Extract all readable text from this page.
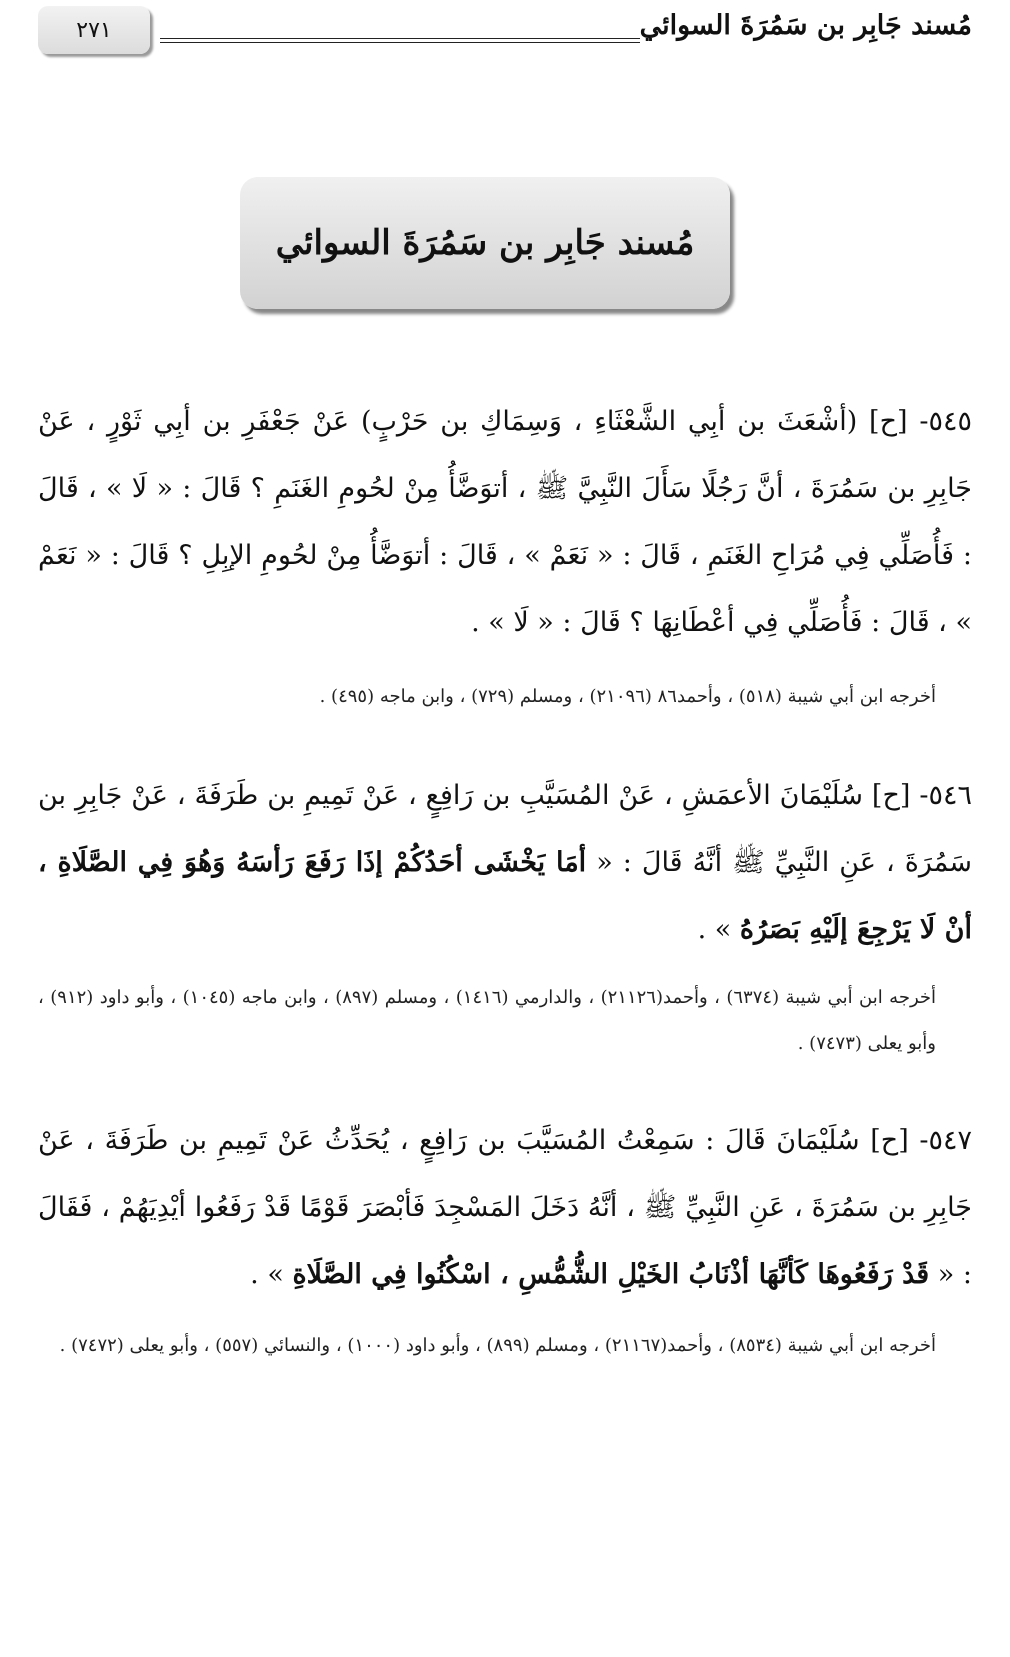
٢٧١	مُسند جَابِر بن سَمُرَةَ السوائي
مُسند جَابِر بن سَمُرَةَ السوائي
٥٤٥- [ح] (أشْعَثَ بن أبِي الشَّعْثَاءِ ، وَسِمَاكِ بن حَرْبٍ) عَنْ جَعْفَرِ بن أبِي ثَوْرٍ ، عَنْ جَابِرِ بن سَمُرَةَ ، أنَّ رَجُلًا سَأَلَ النَّبِيَّ ﷺ ، أتوَضَّأُ مِنْ لحُومِ الغَنَمِ ؟ قَالَ : « لَا » ، قَالَ : فَأُصَلِّي فِي مُرَاحِ الغَنَمِ ، قَالَ : « نَعَمْ » ، قَالَ : أتوَضَّأُ مِنْ لحُومِ الإبِلِ ؟ قَالَ : « نَعَمْ » ، قَالَ : فَأُصَلِّي فِي أعْطَانِهَا ؟ قَالَ : « لَا » .
أخرجه ابن أبي شيبة (٥١٨) ، وأحمد٨٦ (٢١٠٩٦) ، ومسلم (٧٢٩) ، وابن ماجه (٤٩٥) .
٥٤٦- [ح] سُلَيْمَانَ الأعمَشِ ، عَنْ المُسَيَّبِ بن رَافِعٍ ، عَنْ تَمِيمِ بن طَرَفَةَ ، عَنْ جَابِرِ بن سَمُرَةَ ، عَنِ النَّبِيِّ ﷺ أنَّهُ قَالَ : « أمَا يَخْشَى أحَدُكُمْ إذَا رَفَعَ رَأسَهُ وَهُوَ فِي الصَّلَاةِ ، أنْ لَا يَرْجِعَ إلَيْهِ بَصَرُهُ » .
أخرجه ابن أبي شيبة (٦٣٧٤) ، وأحمد(٢١١٢٦) ، والدارمي (١٤١٦) ، ومسلم (٨٩٧) ، وابن ماجه (١٠٤٥) ، وأبو داود (٩١٢) ، وأبو يعلى (٧٤٧٣) .
٥٤٧- [ح] سُلَيْمَانَ قَالَ : سَمِعْتُ المُسَيَّبَ بن رَافِعٍ ، يُحَدِّثُ عَنْ تَمِيمِ بن طَرَفَةَ ، عَنْ جَابِرِ بن سَمُرَةَ ، عَنِ النَّبِيِّ ﷺ ، أنَّهُ دَخَلَ المَسْجِدَ فَأبْصَرَ قَوْمًا قَدْ رَفَعُوا أيْدِيَهُمْ ، فَقَالَ : « قَدْ رَفَعُوهَا كَأنَّهَا أذْنَابُ الخَيْلِ الشُّمُّسِ ، اسْكُنُوا فِي الصَّلَاةِ » .
أخرجه ابن أبي شيبة (٨٥٣٤) ، وأحمد(٢١١٦٧) ، ومسلم (٨٩٩) ، وأبو داود (١٠٠٠) ، والنسائي (٥٥٧) ، وأبو يعلى (٧٤٧٢) .
